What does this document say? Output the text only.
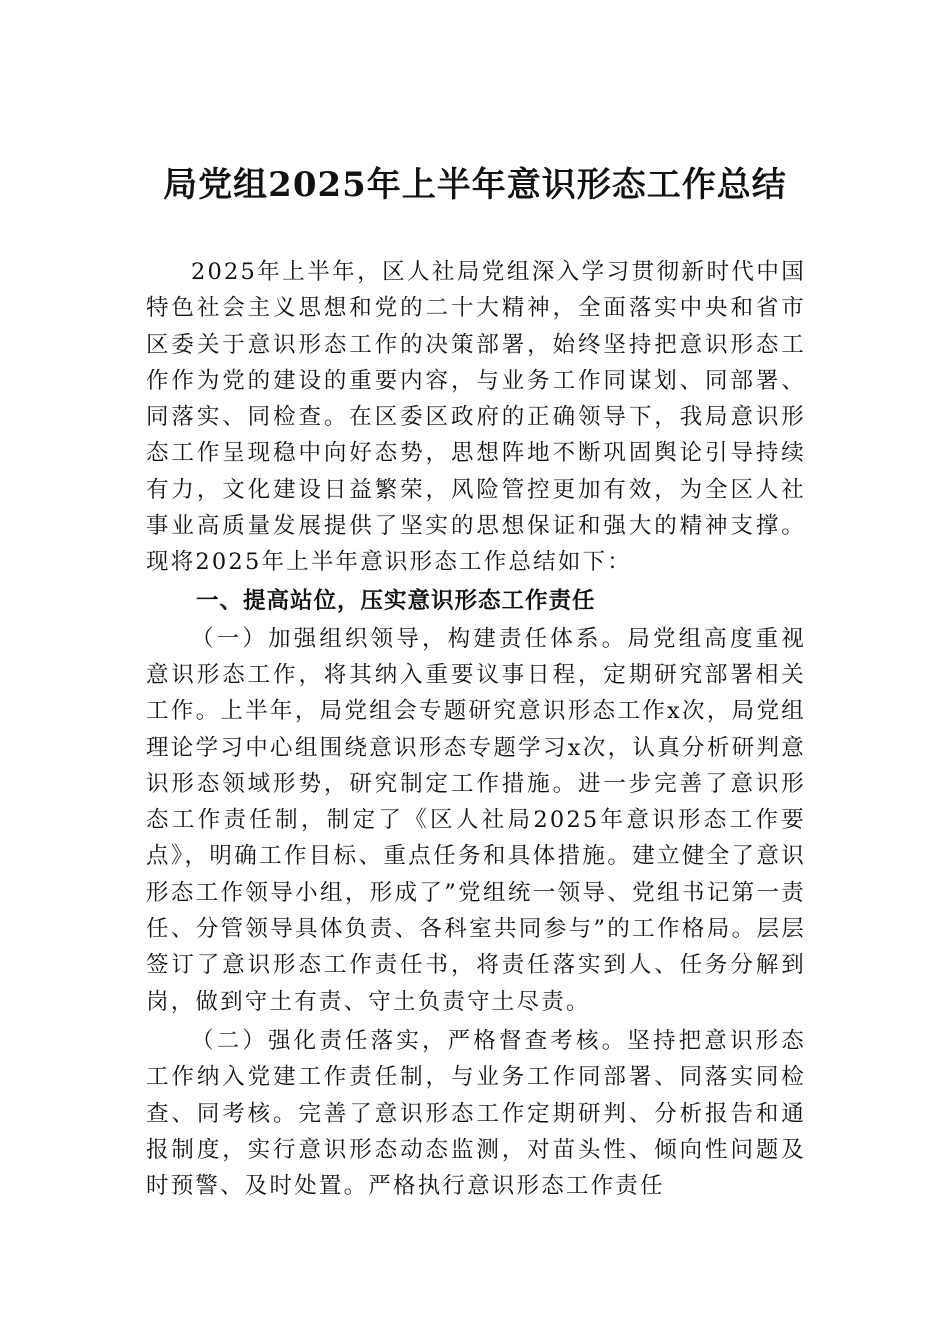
局党组2025年上半年意识形态工作总结

2025年上半年，区人社局党组深入学习贯彻新时代中国特色社会主义思想和党的二十大精神，全面落实中央和省市区委关于意识形态工作的决策部署，始终坚持把意识形态工作作为党的建设的重要内容，与业务工作同谋划、同部署、同落实、同检查。在区委区政府的正确领导下，我局意识形态工作呈现稳中向好态势，思想阵地不断巩固舆论引导持续有力，文化建设日益繁荣，风险管控更加有效，为全区人社事业高质量发展提供了坚实的思想保证和强大的精神支撑。现将2025年上半年意识形态工作总结如下：

一、提高站位，压实意识形态工作责任

（一）加强组织领导，构建责任体系。局党组高度重视意识形态工作，将其纳入重要议事日程，定期研究部署相关工作。上半年，局党组会专题研究意识形态工作x次，局党组理论学习中心组围绕意识形态专题学习x次，认真分析研判意识形态领域形势，研究制定工作措施。进一步完善了意识形态工作责任制，制定了《区人社局2025年意识形态工作要点》，明确工作目标、重点任务和具体措施。建立健全了意识形态工作领导小组，形成了”党组统一领导、党组书记第一责任、分管领导具体负责、各科室共同参与”的工作格局。层层签订了意识形态工作责任书，将责任落实到人、任务分解到岗，做到守土有责、守土负责守土尽责。

（二）强化责任落实，严格督查考核。坚持把意识形态工作纳入党建工作责任制，与业务工作同部署、同落实同检查、同考核。完善了意识形态工作定期研判、分析报告和通报制度，实行意识形态动态监测，对苗头性、倾向性问题及时预警、及时处置。严格执行意识形态工作责任
